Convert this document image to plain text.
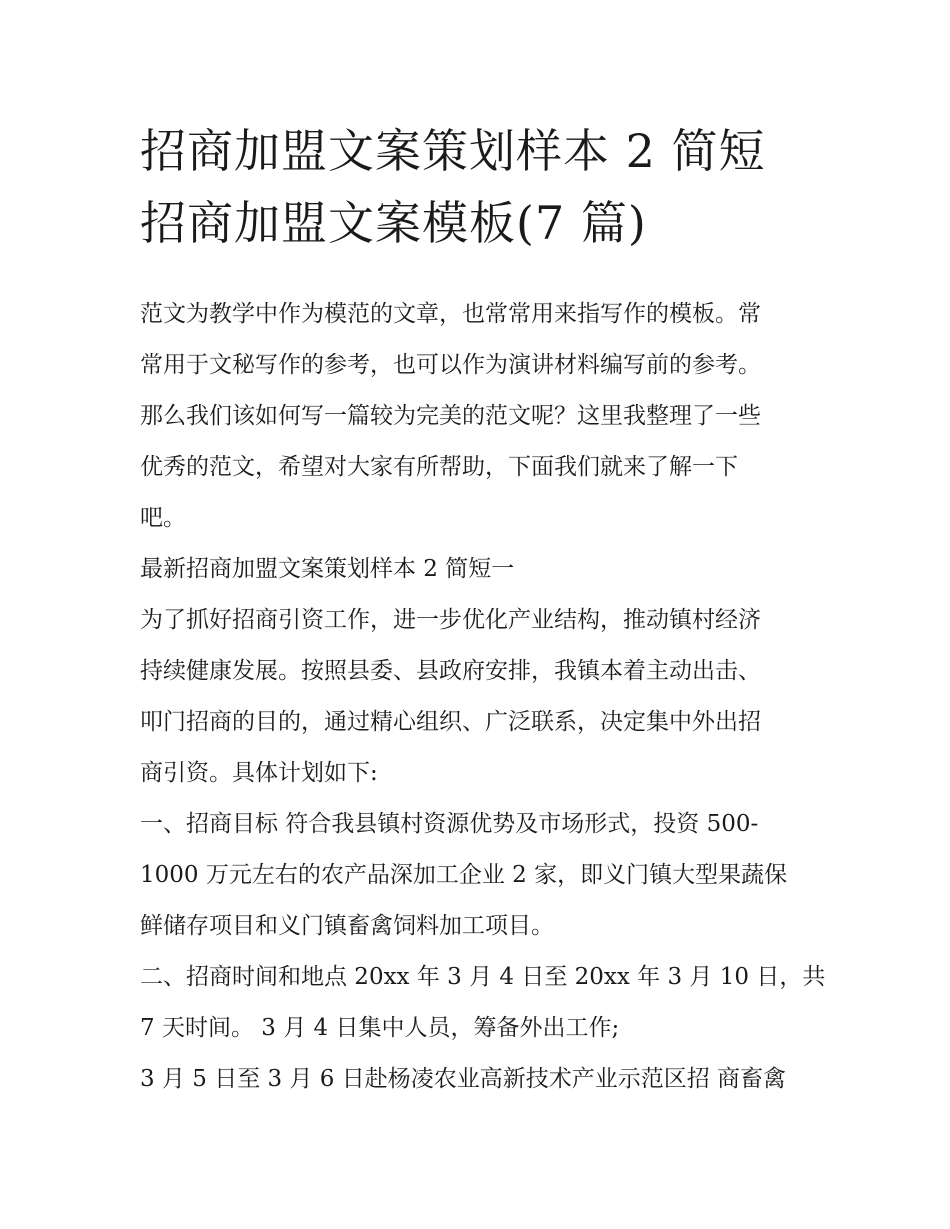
招商加盟文案策划样本 2 简短
招商加盟文案模板(7 篇)

范文为教学中作为模范的文章，也常常用来指写作的模板。常
常用于文秘写作的参考，也可以作为演讲材料编写前的参考。
那么我们该如何写一篇较为完美的范文呢？这里我整理了一些
优秀的范文，希望对大家有所帮助，下面我们就来了解一下
吧。

最新招商加盟文案策划样本 2 简短一

为了抓好招商引资工作，进一步优化产业结构，推动镇村经济
持续健康发展。按照县委、县政府安排，我镇本着主动出击、
叩门招商的目的，通过精心组织、广泛联系，决定集中外出招
商引资。具体计划如下:

一、招商目标 符合我县镇村资源优势及市场形式，投资 500-
1000 万元左右的农产品深加工企业 2 家，即义门镇大型果蔬保
鲜储存项目和义门镇畜禽饲料加工项目。

二、招商时间和地点 20xx 年 3 月 4 日至 20xx 年 3 月 10 日，共
7 天时间。 3 月 4 日集中人员，筹备外出工作;

3 月 5 日至 3 月 6 日赴杨凌农业高新技术产业示范区招 商畜禽
